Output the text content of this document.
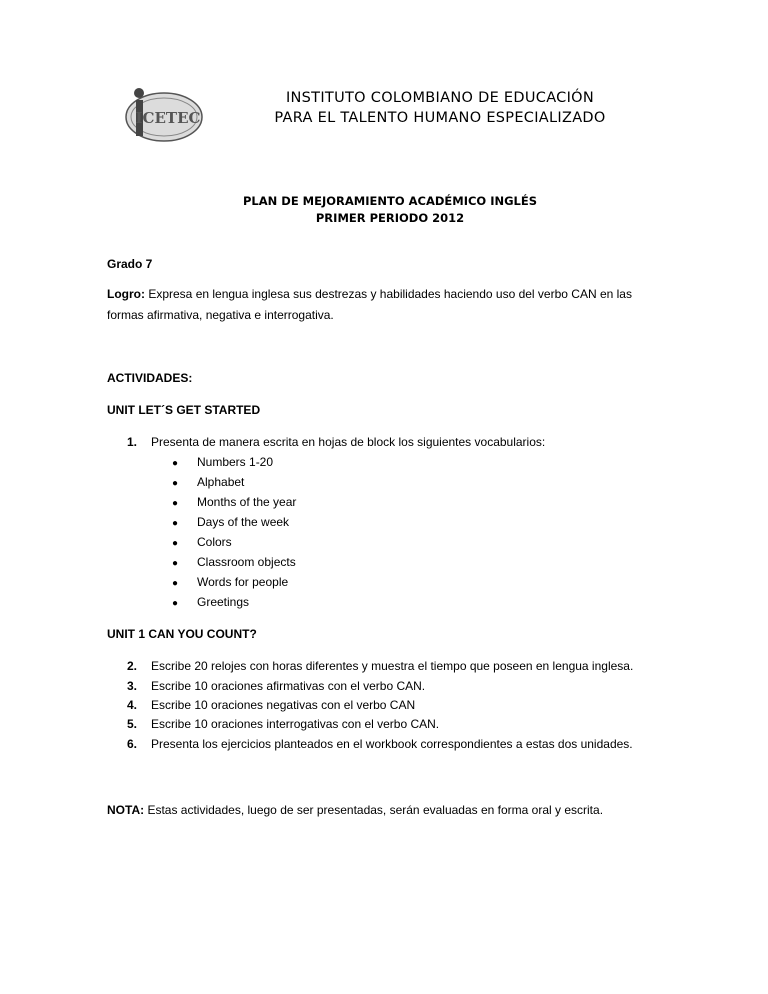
ICETEC
INSTITUTO COLOMBIANO DE EDUCACIÓN
PARA EL TALENTO HUMANO ESPECIALIZADO
PLAN DE MEJORAMIENTO ACADÉMICO INGLÉS
PRIMER PERIODO 2012
Grado 7
Logro: Expresa en lengua inglesa sus destrezas y habilidades haciendo uso del verbo CAN en las
formas afirmativa, negativa e interrogativa.
ACTIVIDADES:
UNIT LET´S GET STARTED
1. Presenta de manera escrita en hojas de block los siguientes vocabularios:
● Numbers 1-20
● Alphabet
● Months of the year
● Days of the week
● Colors
● Classroom objects
● Words for people
● Greetings
UNIT 1 CAN YOU COUNT?
2. Escribe 20 relojes con horas diferentes y muestra el tiempo que poseen en lengua inglesa.
3. Escribe 10 oraciones afirmativas con el verbo CAN.
4. Escribe 10 oraciones negativas con el verbo CAN
5. Escribe 10 oraciones interrogativas con el verbo CAN.
6. Presenta los ejercicios planteados en el workbook correspondientes a estas dos unidades.
NOTA: Estas actividades, luego de ser presentadas, serán evaluadas en forma oral y escrita.
